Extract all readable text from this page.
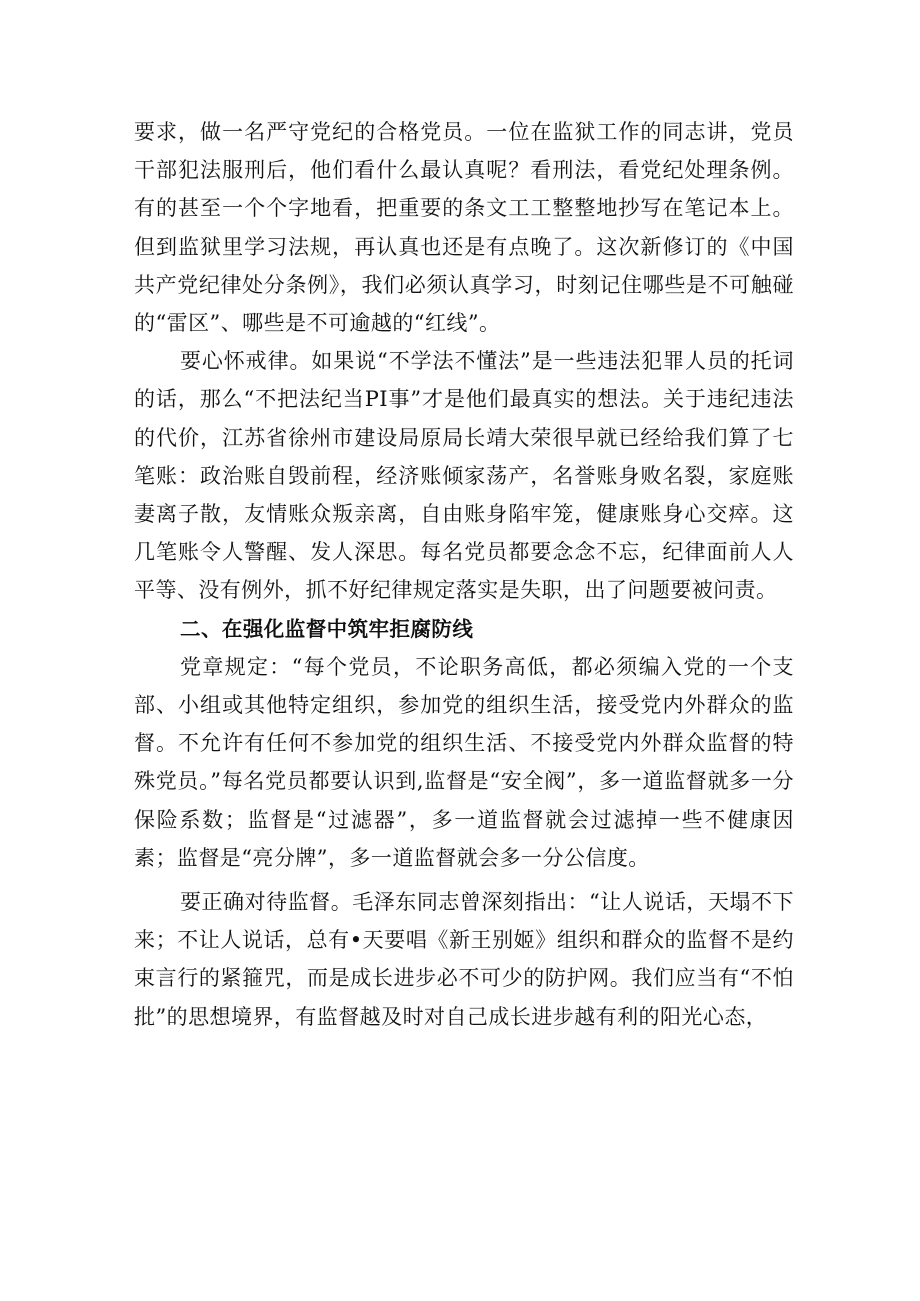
要求，做一名严守党纪的合格党员。一位在监狱工作的同志讲，党员干部犯法服刑后，他们看什么最认真呢？看刑法，看党纪处理条例。有的甚至一个个字地看，把重要的条文工工整整地抄写在笔记本上。但到监狱里学习法规，再认真也还是有点晚了。这次新修订的《中国共产党纪律处分条例》，我们必须认真学习，时刻记住哪些是不可触碰的“雷区”、哪些是不可逾越的“红线”。

要心怀戒律。如果说“不学法不懂法”是一些违法犯罪人员的托词的话，那么“不把法纪当PI事”才是他们最真实的想法。关于违纪违法的代价，江苏省徐州市建设局原局长靖大荣很早就已经给我们算了七笔账：政治账自毁前程，经济账倾家荡产，名誉账身败名裂，家庭账妻离子散，友情账众叛亲离，自由账身陷牢笼，健康账身心交瘁。这几笔账令人警醒、发人深思。每名党员都要念念不忘，纪律面前人人平等、没有例外，抓不好纪律规定落实是失职，出了问题要被问责。

二、在强化监督中筑牢拒腐防线

党章规定：“每个党员，不论职务高低，都必须编入党的一个支部、小组或其他特定组织，参加党的组织生活，接受党内外群众的监督。不允许有任何不参加党的组织生活、不接受党内外群众监督的特殊党员。”每名党员都要认识到,监督是“安全阀”，多一道监督就多一分保险系数；监督是“过滤器”，多一道监督就会过滤掉一些不健康因素；监督是“亮分牌”，多一道监督就会多一分公信度。

要正确对待监督。毛泽东同志曾深刻指出：“让人说话，天塌不下来；不让人说话，总有•天要唱《新王别姬》组织和群众的监督不是约束言行的紧箍咒，而是成长进步必不可少的防护网。我们应当有“不怕批”的思想境界，有监督越及时对自己成长进步越有利的阳光心态，
